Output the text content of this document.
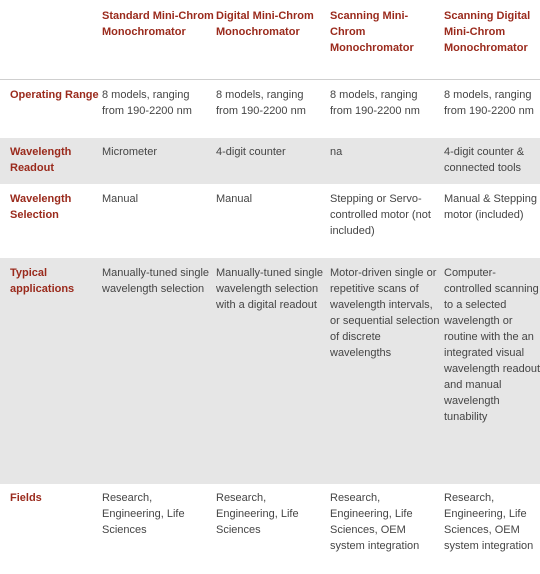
	Standard Mini-Chrom Monochromator	Digital Mini-Chrom Monochromator	Scanning Mini-Chrom Monochromator	Scanning Digital Mini-Chrom Monochromator
Operating Range	8 models, ranging from 190-2200 nm	8 models, ranging from 190-2200 nm	8 models, ranging from 190-2200 nm	8 models, ranging from 190-2200 nm
Wavelength Readout	Micrometer	4-digit counter	na	4-digit counter & connected tools
Wavelength Selection	Manual	Manual	Stepping or Servo-controlled motor (not included)	Manual & Stepping motor (included)
Typical applications	Manually-tuned single wavelength selection	Manually-tuned single wavelength selection with a digital readout	Motor-driven single or repetitive scans of wavelength intervals, or sequential selection of discrete wavelengths	Computer-controlled scanning to a selected wavelength or routine with the an integrated visual wavelength readout and manual wavelength tunability
Fields	Research, Engineering, Life Sciences	Research, Engineering, Life Sciences	Research, Engineering, Life Sciences, OEM system integration	Research, Engineering, Life Sciences, OEM system integration
